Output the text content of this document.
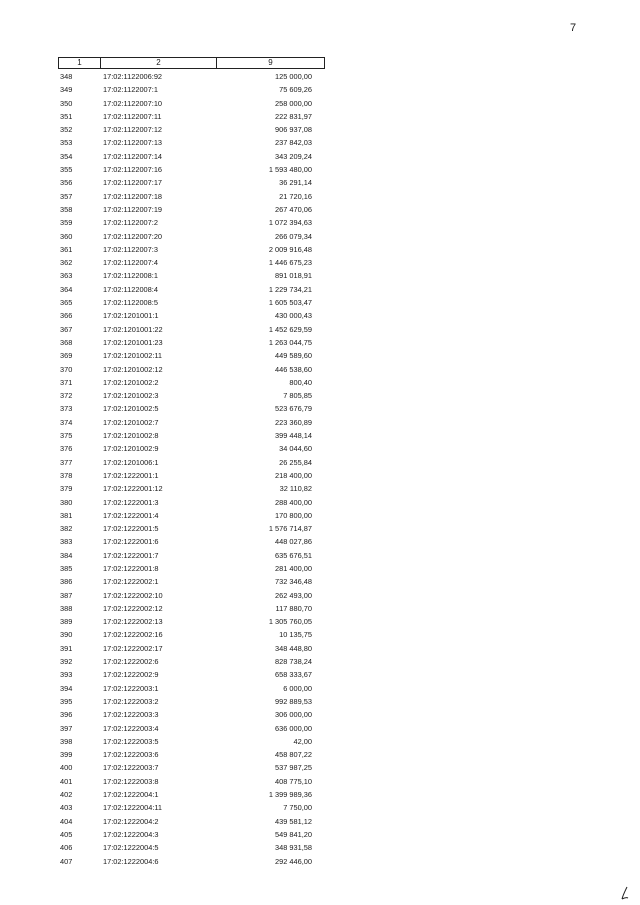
7
1	2	9
348	17:02:1122006:92	125 000,00
349	17:02:1122007:1	75 609,26
350	17:02:1122007:10	258 000,00
351	17:02:1122007:11	222 831,97
352	17:02:1122007:12	906 937,08
353	17:02:1122007:13	237 842,03
354	17:02:1122007:14	343 209,24
355	17:02:1122007:16	1 593 480,00
356	17:02:1122007:17	36 291,14
357	17:02:1122007:18	21 720,16
358	17:02:1122007:19	267 470,06
359	17:02:1122007:2	1 072 394,63
360	17:02:1122007:20	266 079,34
361	17:02:1122007:3	2 009 916,48
362	17:02:1122007:4	1 446 675,23
363	17:02:1122008:1	891 018,91
364	17:02:1122008:4	1 229 734,21
365	17:02:1122008:5	1 605 503,47
366	17:02:1201001:1	430 000,43
367	17:02:1201001:22	1 452 629,59
368	17:02:1201001:23	1 263 044,75
369	17:02:1201002:11	449 589,60
370	17:02:1201002:12	446 538,60
371	17:02:1201002:2	800,40
372	17:02:1201002:3	7 805,85
373	17:02:1201002:5	523 676,79
374	17:02:1201002:7	223 360,89
375	17:02:1201002:8	399 448,14
376	17:02:1201002:9	34 044,60
377	17:02:1201006:1	26 255,84
378	17:02:1222001:1	218 400,00
379	17:02:1222001:12	32 110,82
380	17:02:1222001:3	288 400,00
381	17:02:1222001:4	170 800,00
382	17:02:1222001:5	1 576 714,87
383	17:02:1222001:6	448 027,86
384	17:02:1222001:7	635 676,51
385	17:02:1222001:8	281 400,00
386	17:02:1222002:1	732 346,48
387	17:02:1222002:10	262 493,00
388	17:02:1222002:12	117 880,70
389	17:02:1222002:13	1 305 760,05
390	17:02:1222002:16	10 135,75
391	17:02:1222002:17	348 448,80
392	17:02:1222002:6	828 738,24
393	17:02:1222002:9	658 333,67
394	17:02:1222003:1	6 000,00
395	17:02:1222003:2	992 889,53
396	17:02:1222003:3	306 000,00
397	17:02:1222003:4	636 000,00
398	17:02:1222003:5	42,00
399	17:02:1222003:6	458 807,22
400	17:02:1222003:7	537 987,25
401	17:02:1222003:8	408 775,10
402	17:02:1222004:1	1 399 989,36
403	17:02:1222004:11	7 750,00
404	17:02:1222004:2	439 581,12
405	17:02:1222004:3	549 841,20
406	17:02:1222004:5	348 931,58
407	17:02:1222004:6	292 446,00
